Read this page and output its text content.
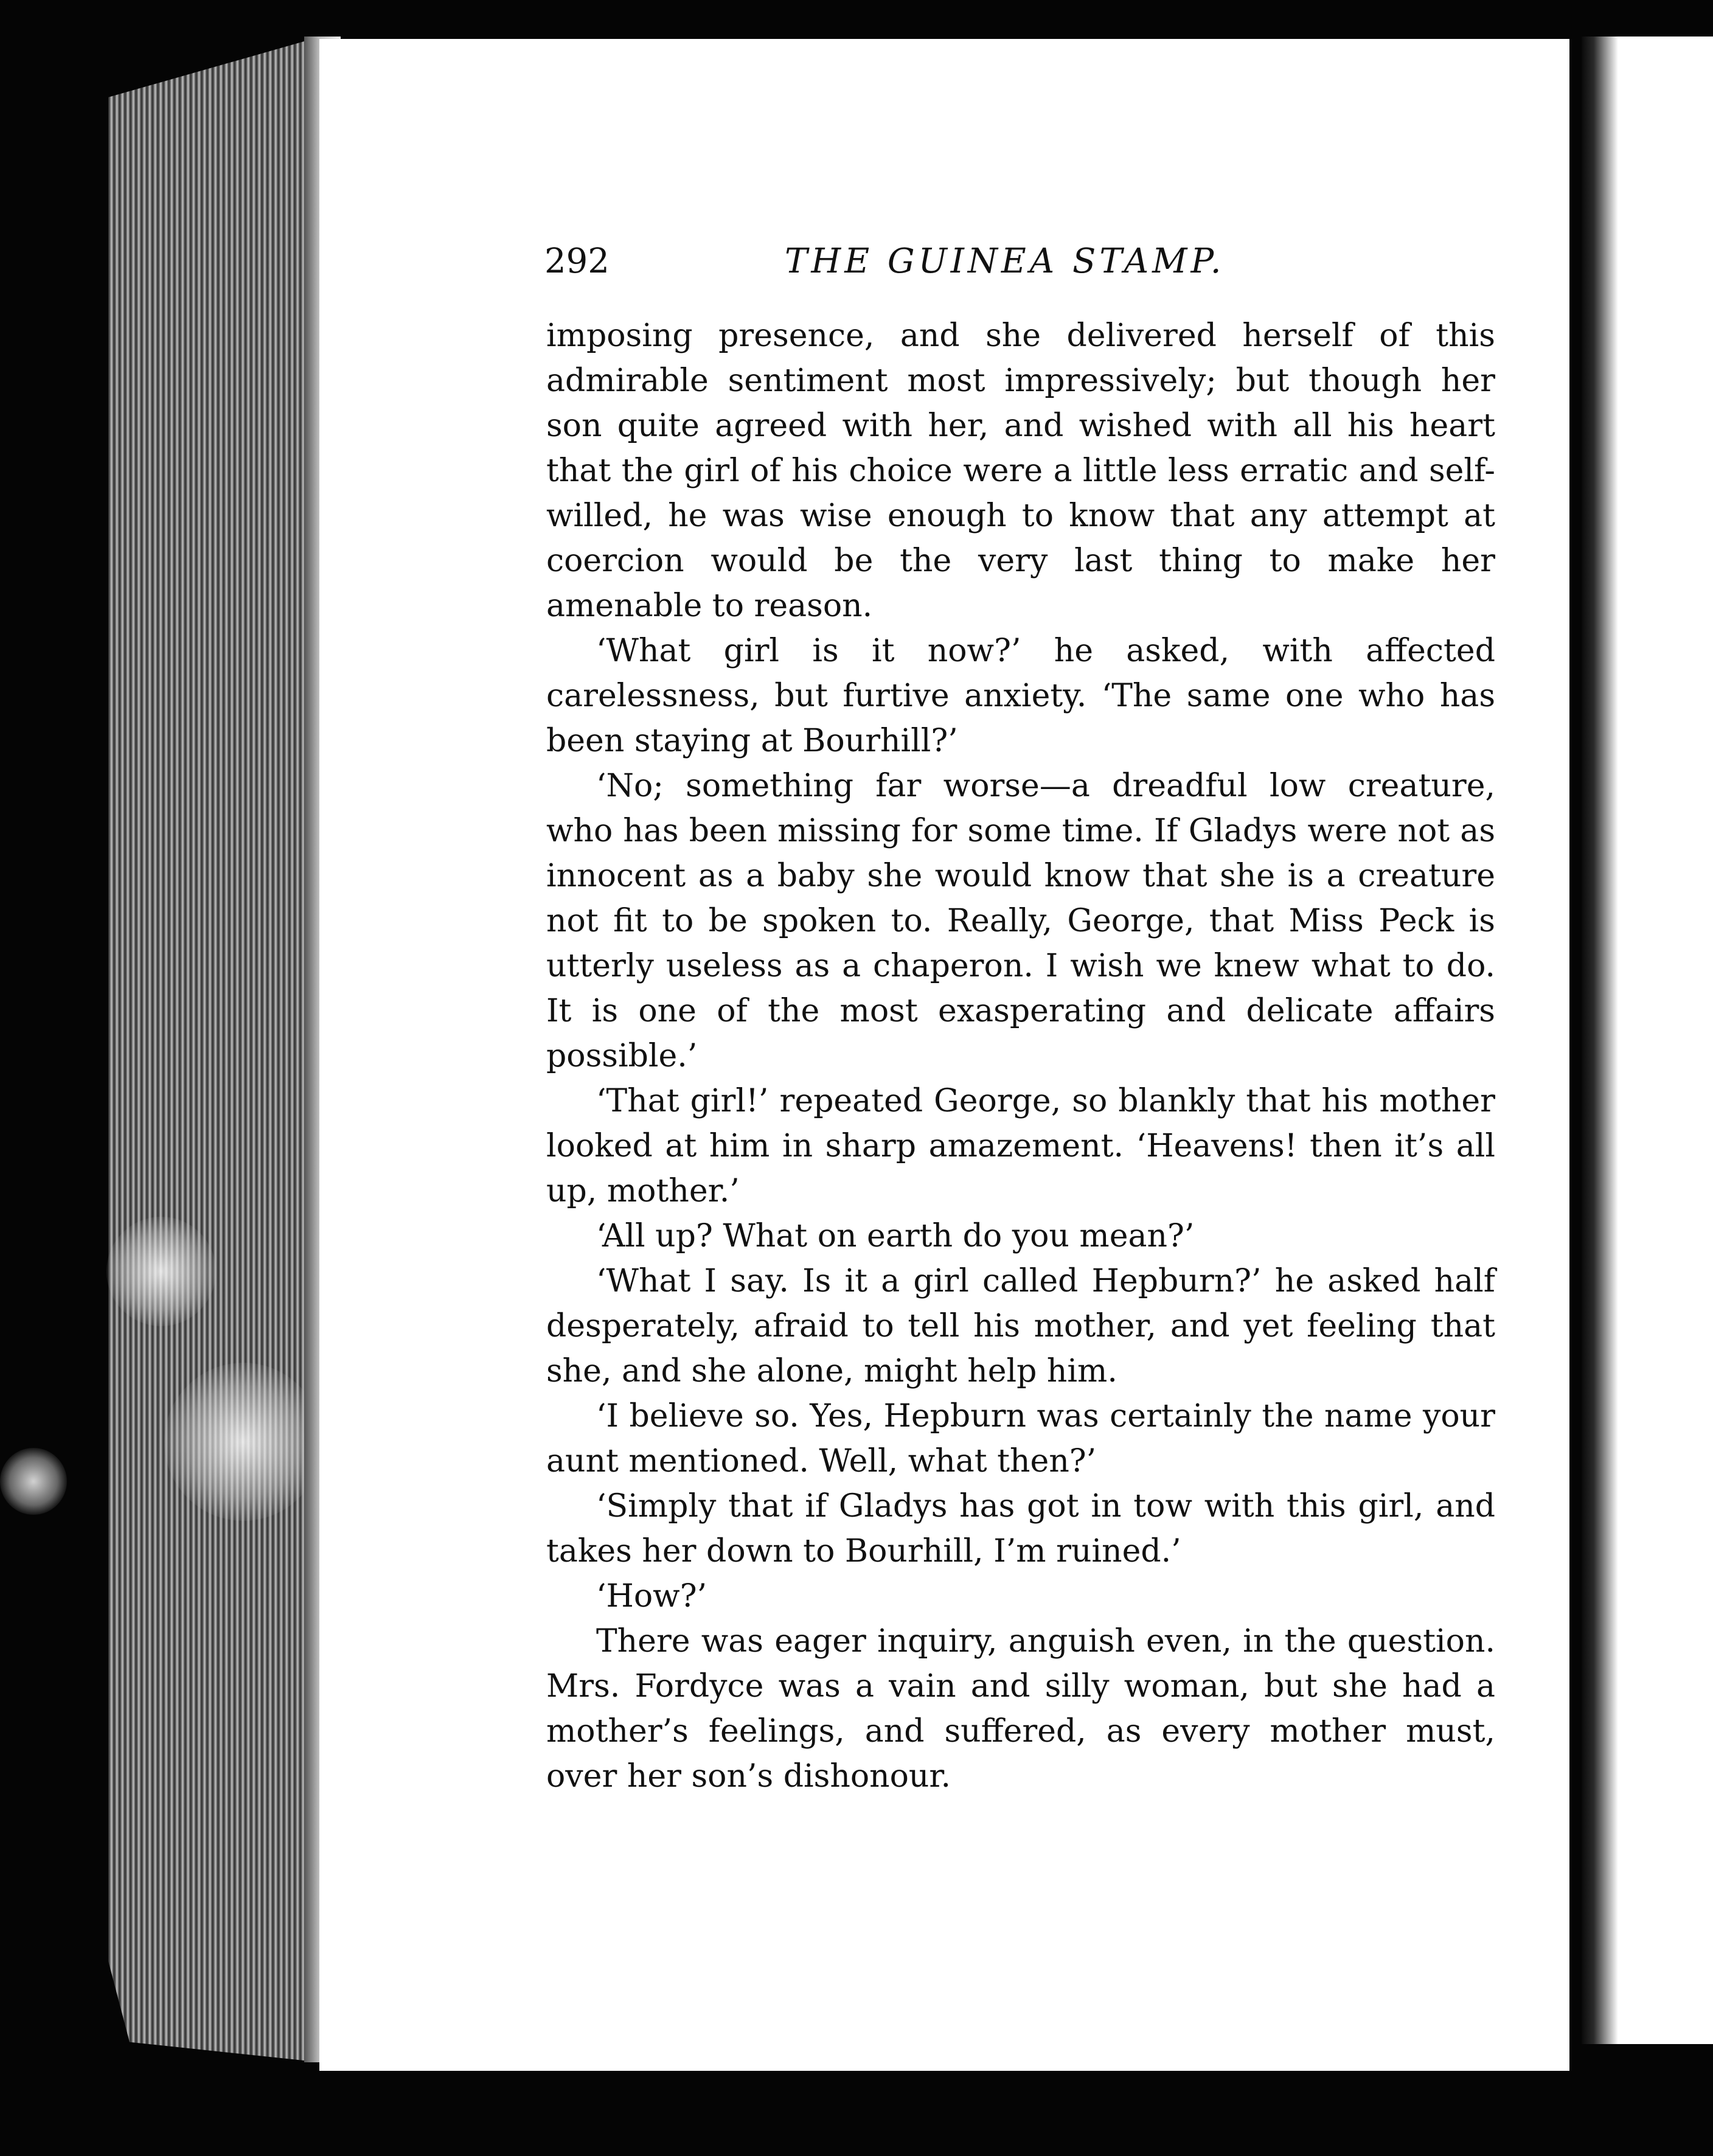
292	THE GUINEA STAMP.

imposing presence, and she delivered herself of this admirable sentiment most impressively; but though her son quite agreed with her, and wished with all his heart that the girl of his choice were a little less erratic and self-willed, he was wise enough to know that any attempt at coercion would be the very last thing to make her amenable to reason.

‘What girl is it now?’ he asked, with affected carelessness, but furtive anxiety. ‘The same one who has been staying at Bourhill?’

‘No; something far worse—a dreadful low creature, who has been missing for some time. If Gladys were not as innocent as a baby she would know that she is a creature not fit to be spoken to. Really, George, that Miss Peck is utterly useless as a chaperon. I wish we knew what to do. It is one of the most exasperating and delicate affairs possible.’

‘That girl!’ repeated George, so blankly that his mother looked at him in sharp amazement. ‘Heavens! then it’s all up, mother.’

‘All up? What on earth do you mean?’

‘What I say. Is it a girl called Hepburn?’ he asked half desperately, afraid to tell his mother, and yet feeling that she, and she alone, might help him.

‘I believe so. Yes, Hepburn was certainly the name your aunt mentioned. Well, what then?’

‘Simply that if Gladys has got in tow with this girl, and takes her down to Bourhill, I’m ruined.’

‘How?’

There was eager inquiry, anguish even, in the question. Mrs. Fordyce was a vain and silly woman, but she had a mother’s feelings, and suffered, as every mother must, over her son’s dishonour.
